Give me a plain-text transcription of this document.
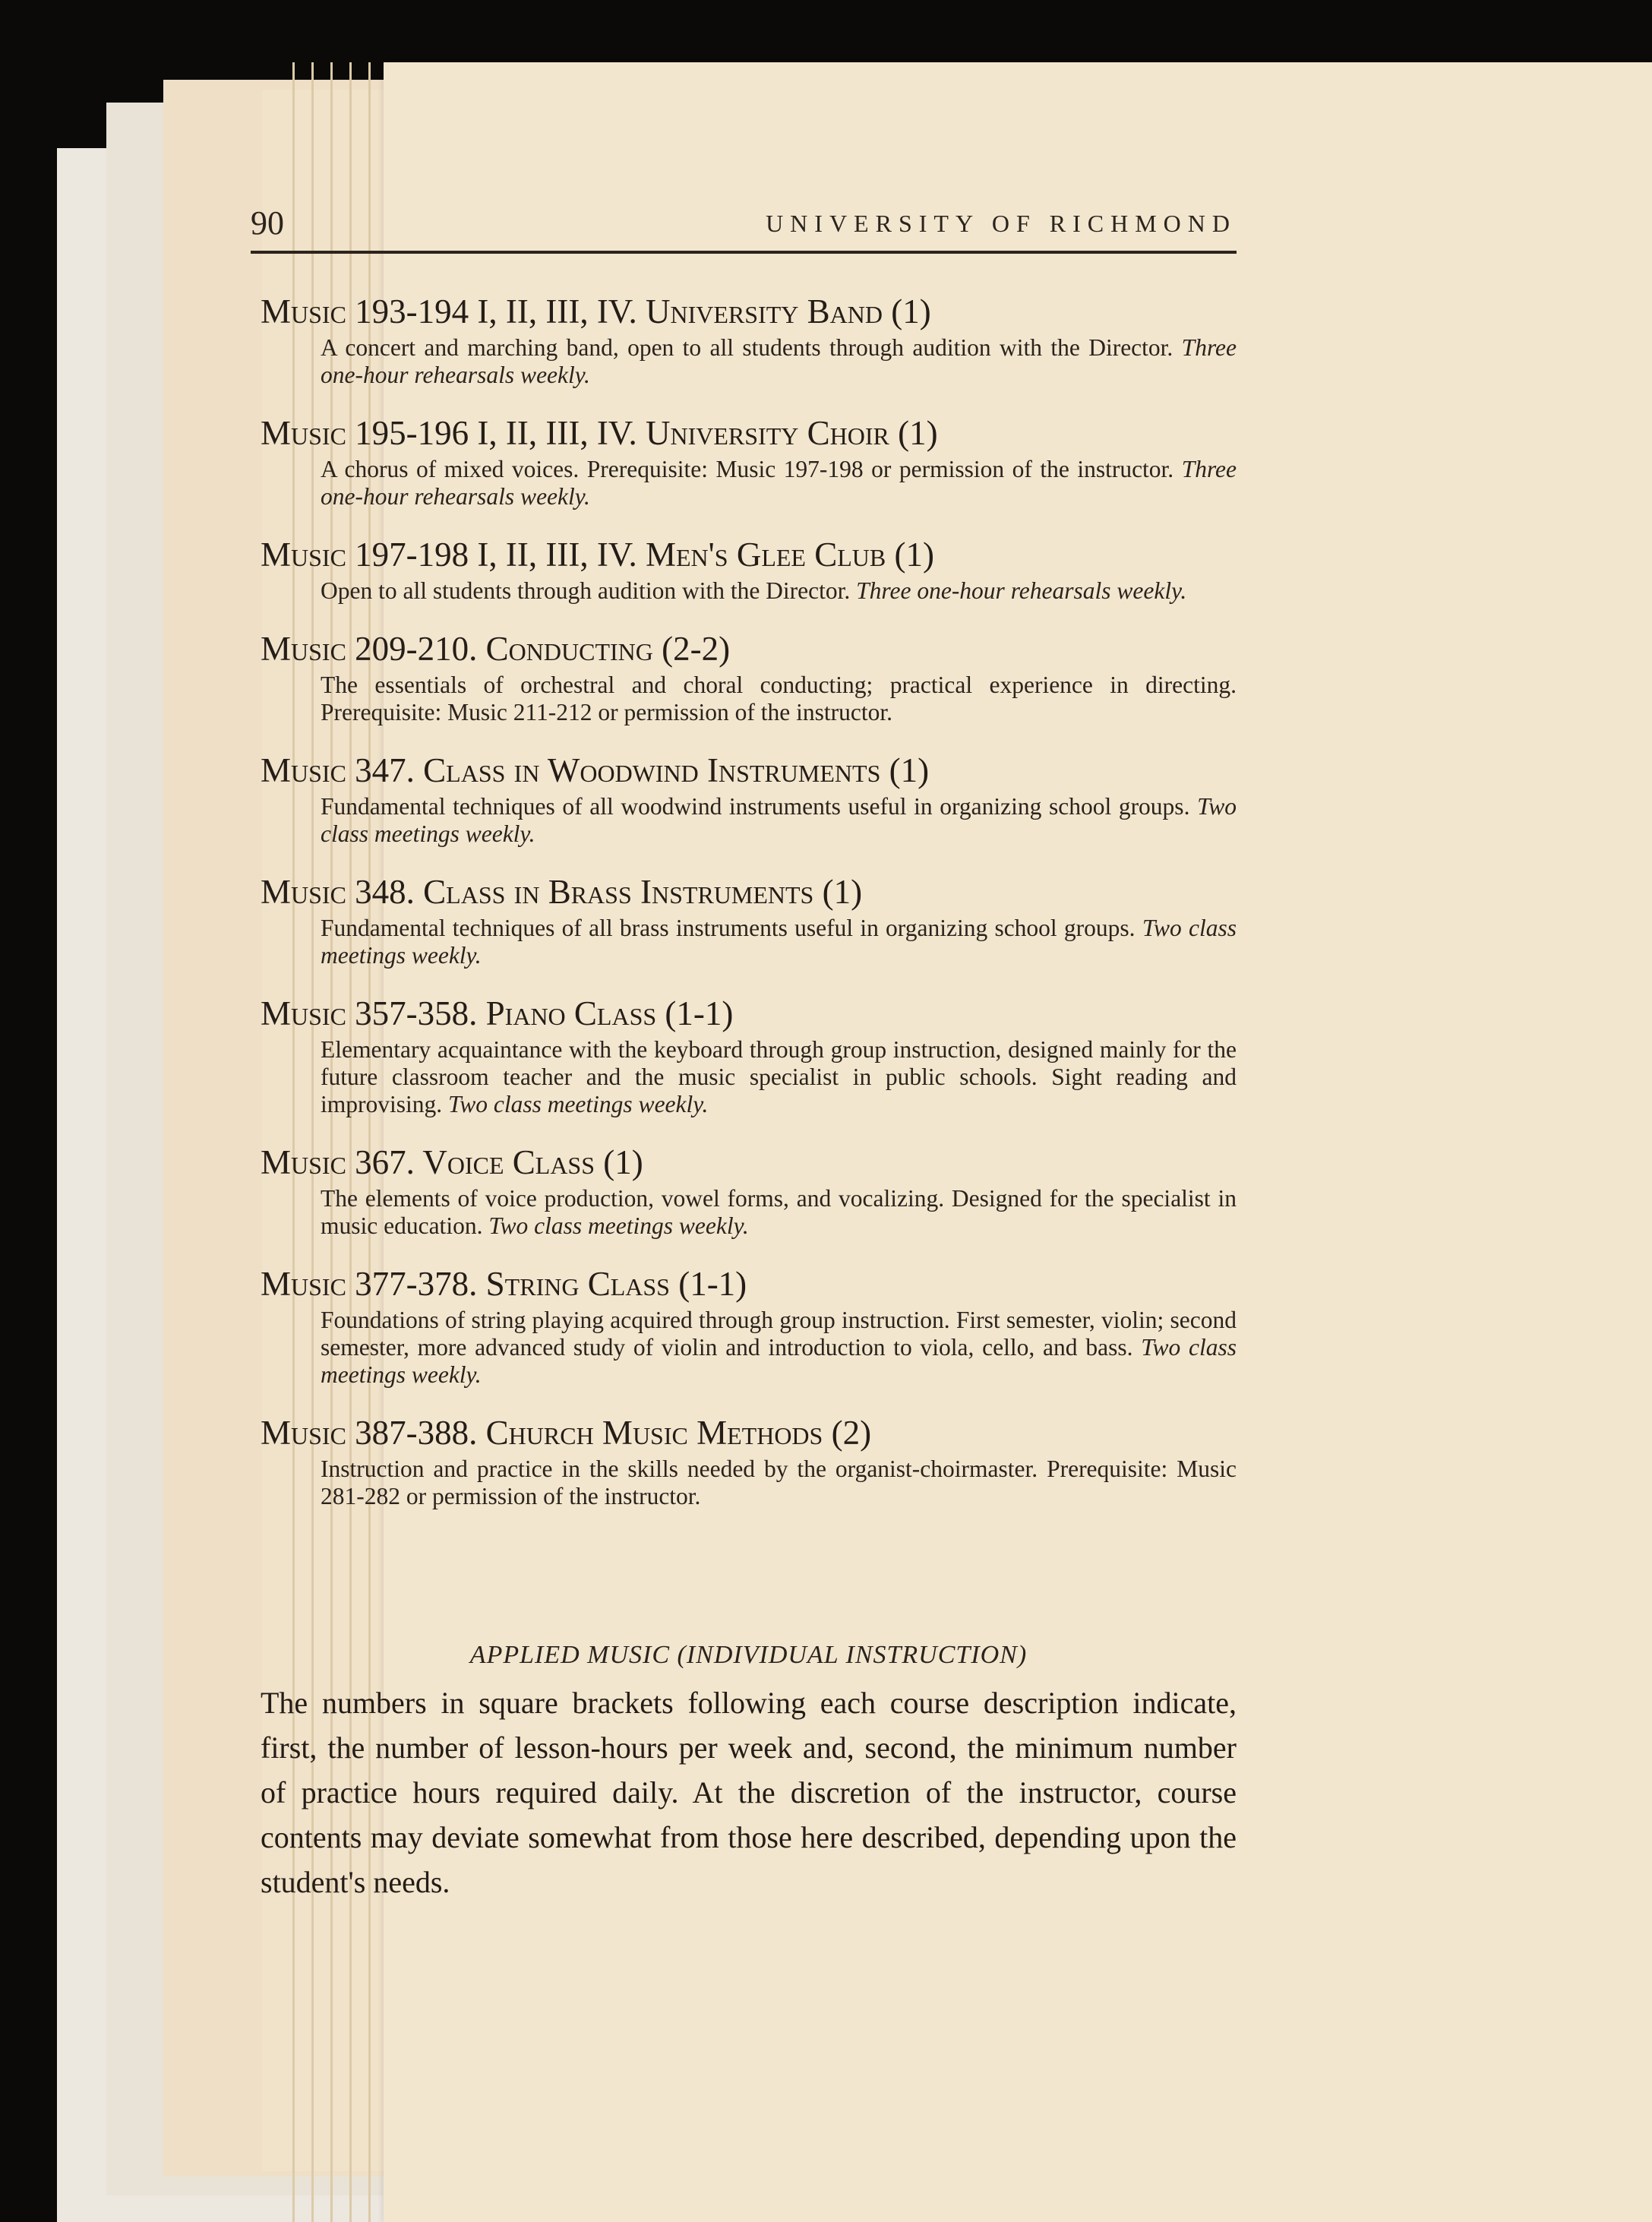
90	UNIVERSITY OF RICHMOND
Music 193-194 I, II, III, IV. University Band (1)
A concert and marching band, open to all students through audition with the Director. Three one-hour rehearsals weekly.
Music 195-196 I, II, III, IV. University Choir (1)
A chorus of mixed voices. Prerequisite: Music 197-198 or permission of the instructor. Three one-hour rehearsals weekly.
Music 197-198 I, II, III, IV. Men's Glee Club (1)
Open to all students through audition with the Director. Three one-hour rehearsals weekly.
Music 209-210. Conducting (2-2)
The essentials of orchestral and choral conducting; practical experience in directing. Prerequisite: Music 211-212 or permission of the instructor.
Music 347. Class in Woodwind Instruments (1)
Fundamental techniques of all woodwind instruments useful in organizing school groups. Two class meetings weekly.
Music 348. Class in Brass Instruments (1)
Fundamental techniques of all brass instruments useful in organizing school groups. Two class meetings weekly.
Music 357-358. Piano Class (1-1)
Elementary acquaintance with the keyboard through group instruction, designed mainly for the future classroom teacher and the music specialist in public schools. Sight reading and improvising. Two class meetings weekly.
Music 367. Voice Class (1)
The elements of voice production, vowel forms, and vocalizing. Designed for the specialist in music education. Two class meetings weekly.
Music 377-378. String Class (1-1)
Foundations of string playing acquired through group instruction. First semester, violin; second semester, more advanced study of violin and introduction to viola, cello, and bass. Two class meetings weekly.
Music 387-388. Church Music Methods (2)
Instruction and practice in the skills needed by the organist-choirmaster. Prerequisite: Music 281-282 or permission of the instructor.
APPLIED MUSIC (INDIVIDUAL INSTRUCTION)
The numbers in square brackets following each course description indicate, first, the number of lesson-hours per week and, second, the minimum number of practice hours required daily. At the discretion of the instructor, course contents may deviate somewhat from those here described, depending upon the student's needs.
